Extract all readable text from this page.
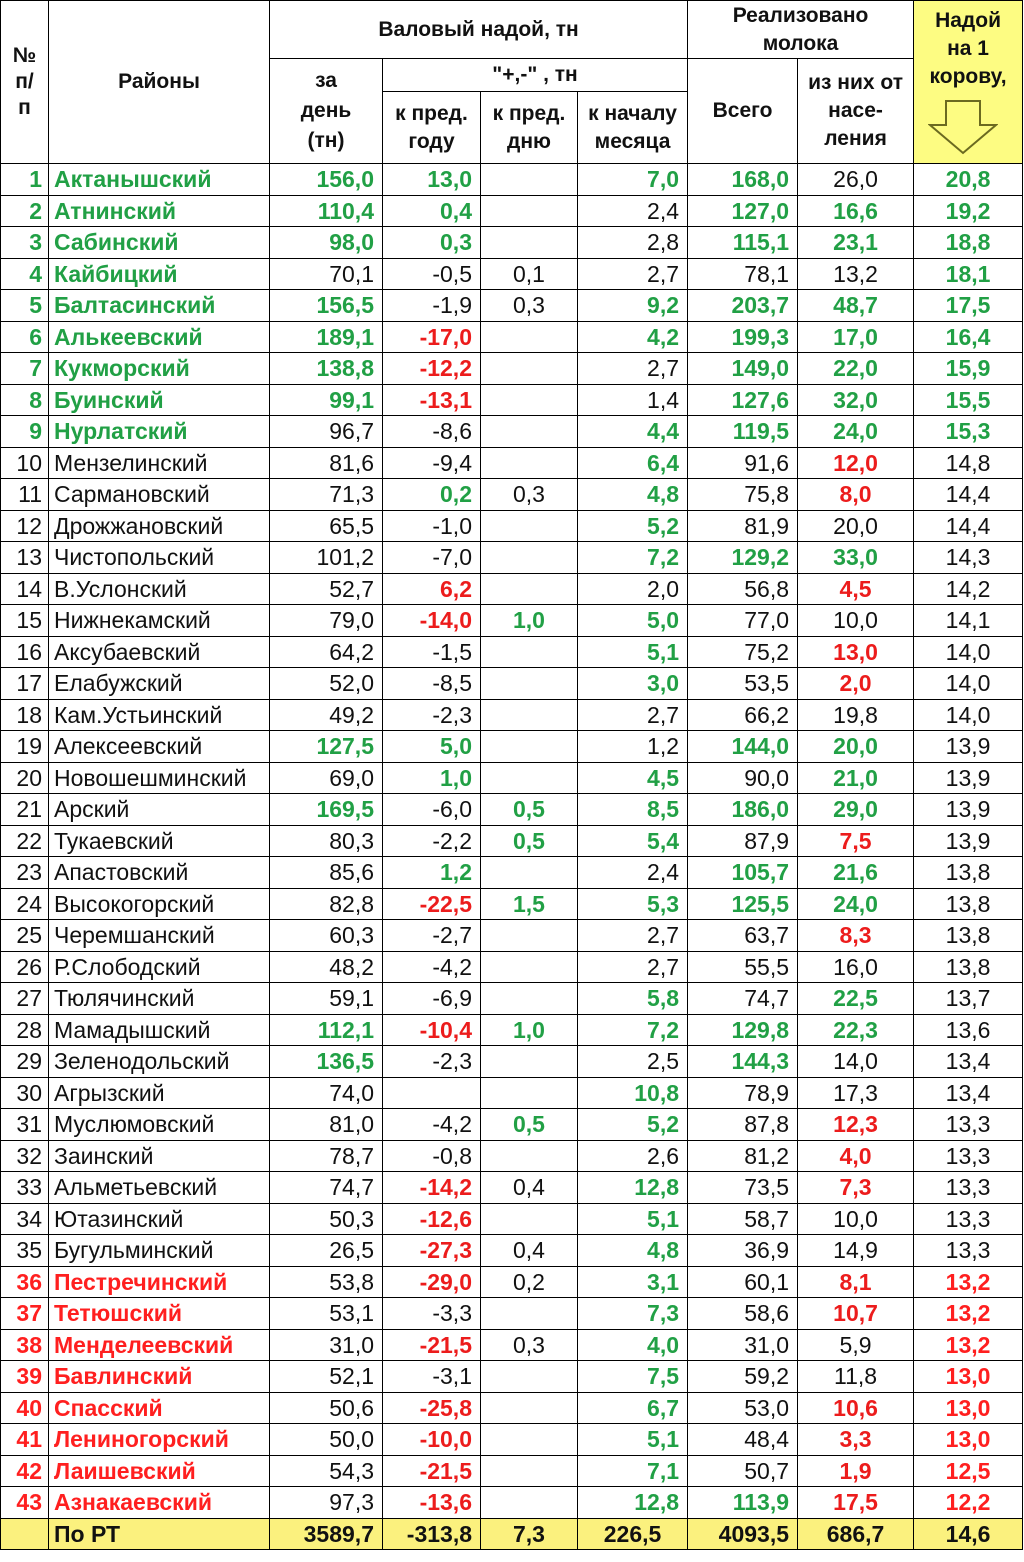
№ п/п	Районы	Валовый надой, тн				Реализовано молока		Надой на 1 корову,

		за день (тн)	"+,-" , тн			Всего	из них от насе- ления	
			к пред. году	к пред. дню	к началу месяца			
1	Актанышский	156,0	13,0		7,0	168,0	26,0	20,8
2	Атнинский	110,4	0,4		2,4	127,0	16,6	19,2
3	Сабинский	98,0	0,3		2,8	115,1	23,1	18,8
4	Кайбицкий	70,1	-0,5	0,1	2,7	78,1	13,2	18,1
5	Балтасинский	156,5	-1,9	0,3	9,2	203,7	48,7	17,5
6	Алькеевский	189,1	-17,0		4,2	199,3	17,0	16,4
7	Кукморский	138,8	-12,2		2,7	149,0	22,0	15,9
8	Буинский	99,1	-13,1		1,4	127,6	32,0	15,5
9	Нурлатский	96,7	-8,6		4,4	119,5	24,0	15,3
10	Мензелинский	81,6	-9,4		6,4	91,6	12,0	14,8
11	Сармановский	71,3	0,2	0,3	4,8	75,8	8,0	14,4
12	Дрожжановский	65,5	-1,0		5,2	81,9	20,0	14,4
13	Чистопольский	101,2	-7,0		7,2	129,2	33,0	14,3
14	В.Услонский	52,7	6,2		2,0	56,8	4,5	14,2
15	Нижнекамский	79,0	-14,0	1,0	5,0	77,0	10,0	14,1
16	Аксубаевский	64,2	-1,5		5,1	75,2	13,0	14,0
17	Елабужский	52,0	-8,5		3,0	53,5	2,0	14,0
18	Кам.Устьинский	49,2	-2,3		2,7	66,2	19,8	14,0
19	Алексеевский	127,5	5,0		1,2	144,0	20,0	13,9
20	Новошешминский	69,0	1,0		4,5	90,0	21,0	13,9
21	Арский	169,5	-6,0	0,5	8,5	186,0	29,0	13,9
22	Тукаевский	80,3	-2,2	0,5	5,4	87,9	7,5	13,9
23	Апастовский	85,6	1,2		2,4	105,7	21,6	13,8
24	Высокогорский	82,8	-22,5	1,5	5,3	125,5	24,0	13,8
25	Черемшанский	60,3	-2,7		2,7	63,7	8,3	13,8
26	Р.Слободский	48,2	-4,2		2,7	55,5	16,0	13,8
27	Тюлячинский	59,1	-6,9		5,8	74,7	22,5	13,7
28	Мамадышский	112,1	-10,4	1,0	7,2	129,8	22,3	13,6
29	Зеленодольский	136,5	-2,3		2,5	144,3	14,0	13,4
30	Агрызский	74,0			10,8	78,9	17,3	13,4
31	Муслюмовский	81,0	-4,2	0,5	5,2	87,8	12,3	13,3
32	Заинский	78,7	-0,8		2,6	81,2	4,0	13,3
33	Альметьевский	74,7	-14,2	0,4	12,8	73,5	7,3	13,3
34	Ютазинский	50,3	-12,6		5,1	58,7	10,0	13,3
35	Бугульминский	26,5	-27,3	0,4	4,8	36,9	14,9	13,3
36	Пестречинский	53,8	-29,0	0,2	3,1	60,1	8,1	13,2
37	Тетюшский	53,1	-3,3		7,3	58,6	10,7	13,2
38	Менделеевский	31,0	-21,5	0,3	4,0	31,0	5,9	13,2
39	Бавлинский	52,1	-3,1		7,5	59,2	11,8	13,0
40	Спасский	50,6	-25,8		6,7	53,0	10,6	13,0
41	Лениногорский	50,0	-10,0		5,1	48,4	3,3	13,0
42	Лаишевский	54,3	-21,5		7,1	50,7	1,9	12,5
43	Азнакаевский	97,3	-13,6		12,8	113,9	17,5	12,2
	По РТ	3589,7	-313,8	7,3	226,5	4093,5	686,7	14,6
